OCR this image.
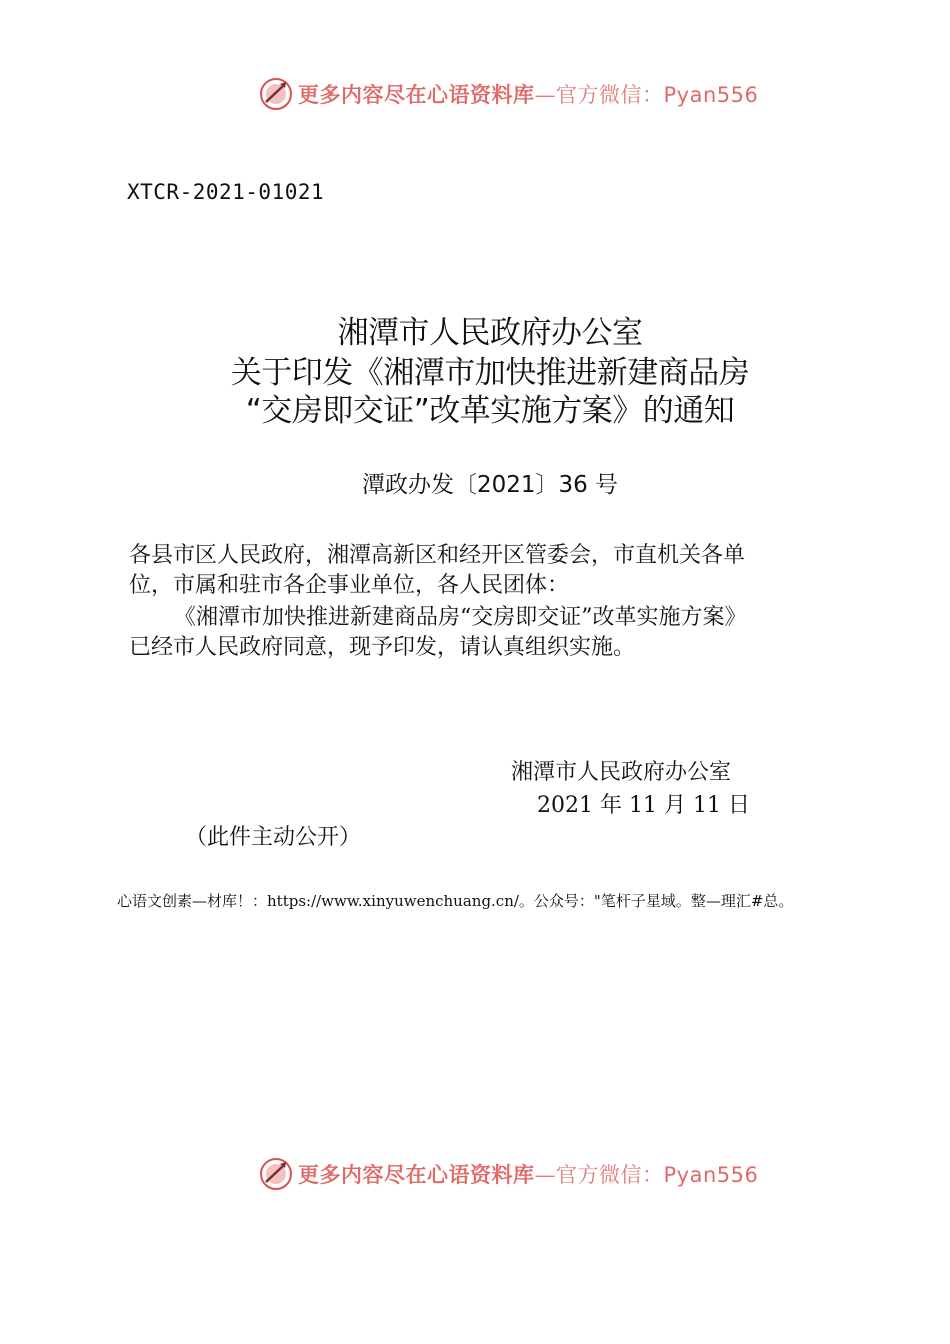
更多内容尽在心语资料库—官方微信：Pyan556
XTCR-2021-01021
湘潭市人民政府办公室
关于印发《湘潭市加快推进新建商品房
“交房即交证”改革实施方案》的通知
潭政办发〔2021〕36 号
各县市区人民政府，湘潭高新区和经开区管委会，市直机关各单
位，市属和驻市各企事业单位，各人民团体：
《湘潭市加快推进新建商品房“交房即交证”改革实施方案》
已经市人民政府同意，现予印发，请认真组织实施。
湘潭市人民政府办公室
2021 年 11 月 11 日
（此件主动公开）
心语文创素—材库！：https://www.xinyuwenchuang.cn/。公众号："笔杆子星域。整—理汇#总。
更多内容尽在心语资料库—官方微信：Pyan556
